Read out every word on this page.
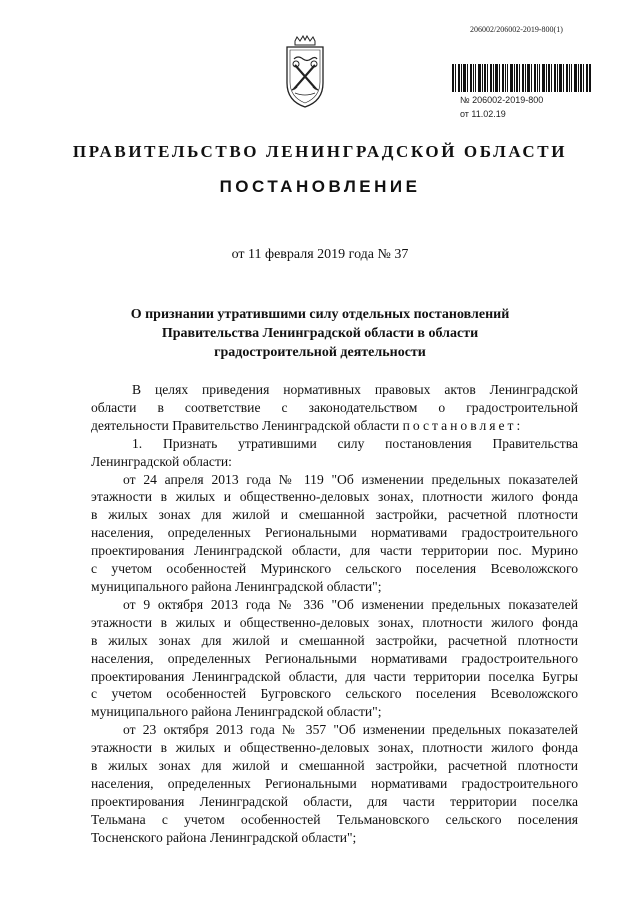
206002/206002-2019-800(1)
№ 206002-2019-800
от 11.02.19
ПРАВИТЕЛЬСТВО ЛЕНИНГРАДСКОЙ ОБЛАСТИ
ПОСТАНОВЛЕНИЕ
от 11 февраля 2019 года № 37
О признании утратившими силу отдельных постановлений
Правительства Ленинградской области в области
градостроительной деятельности

В целях приведения нормативных правовых актов Ленинградской

области в соответствие с законодательством о градостроительной

деятельности Правительство Ленинградской области постановляет:

1. Признать утратившими силу постановления Правительства

Ленинградской области:

от 24 апреля 2013 года № 119 "Об изменении предельных показателей

этажности в жилых и общественно-деловых зонах, плотности жилого фонда

в жилых зонах для жилой и смешанной застройки, расчетной плотности

населения, определенных Региональными нормативами градостроительного

проектирования Ленинградской области, для части территории пос. Мурино

с учетом особенностей Муринского сельского поселения Всеволожского

муниципального района Ленинградской области";

от 9 октября 2013 года № 336 "Об изменении предельных показателей

этажности в жилых и общественно-деловых зонах, плотности жилого фонда

в жилых зонах для жилой и смешанной застройки, расчетной плотности

населения, определенных Региональными нормативами градостроительного

проектирования Ленинградской области, для части территории поселка Бугры

с учетом особенностей Бугровского сельского поселения Всеволожского

муниципального района Ленинградской области";

от 23 октября 2013 года № 357 "Об изменении предельных показателей

этажности в жилых и общественно-деловых зонах, плотности жилого фонда

в жилых зонах для жилой и смешанной застройки, расчетной плотности

населения, определенных Региональными нормативами градостроительного

проектирования Ленинградской области, для части территории поселка

Тельмана с учетом особенностей Тельмановского сельского поселения

Тосненского района Ленинградской области";
